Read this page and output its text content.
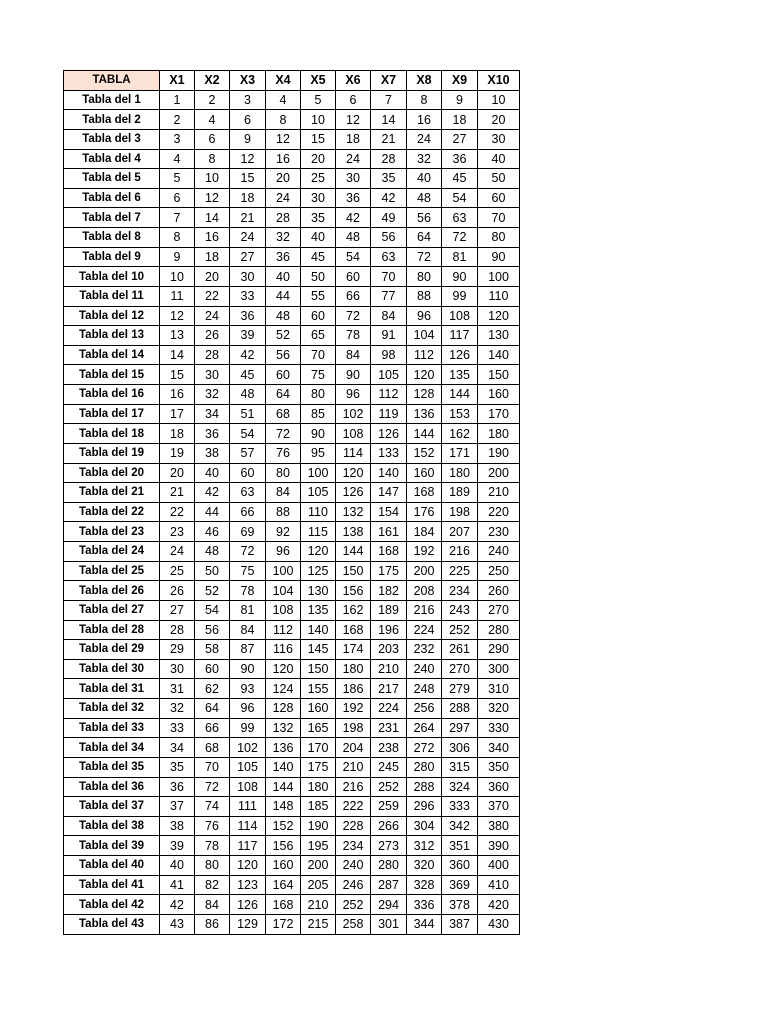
TABLA	X1	X2	X3	X4	X5	X6	X7	X8	X9	X10
Tabla del 1	1	2	3	4	5	6	7	8	9	10
Tabla del 2	2	4	6	8	10	12	14	16	18	20
Tabla del 3	3	6	9	12	15	18	21	24	27	30
Tabla del 4	4	8	12	16	20	24	28	32	36	40
Tabla del 5	5	10	15	20	25	30	35	40	45	50
Tabla del 6	6	12	18	24	30	36	42	48	54	60
Tabla del 7	7	14	21	28	35	42	49	56	63	70
Tabla del 8	8	16	24	32	40	48	56	64	72	80
Tabla del 9	9	18	27	36	45	54	63	72	81	90
Tabla del 10	10	20	30	40	50	60	70	80	90	100
Tabla del 11	11	22	33	44	55	66	77	88	99	110
Tabla del 12	12	24	36	48	60	72	84	96	108	120
Tabla del 13	13	26	39	52	65	78	91	104	117	130
Tabla del 14	14	28	42	56	70	84	98	112	126	140
Tabla del 15	15	30	45	60	75	90	105	120	135	150
Tabla del 16	16	32	48	64	80	96	112	128	144	160
Tabla del 17	17	34	51	68	85	102	119	136	153	170
Tabla del 18	18	36	54	72	90	108	126	144	162	180
Tabla del 19	19	38	57	76	95	114	133	152	171	190
Tabla del 20	20	40	60	80	100	120	140	160	180	200
Tabla del 21	21	42	63	84	105	126	147	168	189	210
Tabla del 22	22	44	66	88	110	132	154	176	198	220
Tabla del 23	23	46	69	92	115	138	161	184	207	230
Tabla del 24	24	48	72	96	120	144	168	192	216	240
Tabla del 25	25	50	75	100	125	150	175	200	225	250
Tabla del 26	26	52	78	104	130	156	182	208	234	260
Tabla del 27	27	54	81	108	135	162	189	216	243	270
Tabla del 28	28	56	84	112	140	168	196	224	252	280
Tabla del 29	29	58	87	116	145	174	203	232	261	290
Tabla del 30	30	60	90	120	150	180	210	240	270	300
Tabla del 31	31	62	93	124	155	186	217	248	279	310
Tabla del 32	32	64	96	128	160	192	224	256	288	320
Tabla del 33	33	66	99	132	165	198	231	264	297	330
Tabla del 34	34	68	102	136	170	204	238	272	306	340
Tabla del 35	35	70	105	140	175	210	245	280	315	350
Tabla del 36	36	72	108	144	180	216	252	288	324	360
Tabla del 37	37	74	111	148	185	222	259	296	333	370
Tabla del 38	38	76	114	152	190	228	266	304	342	380
Tabla del 39	39	78	117	156	195	234	273	312	351	390
Tabla del 40	40	80	120	160	200	240	280	320	360	400
Tabla del 41	41	82	123	164	205	246	287	328	369	410
Tabla del 42	42	84	126	168	210	252	294	336	378	420
Tabla del 43	43	86	129	172	215	258	301	344	387	430
